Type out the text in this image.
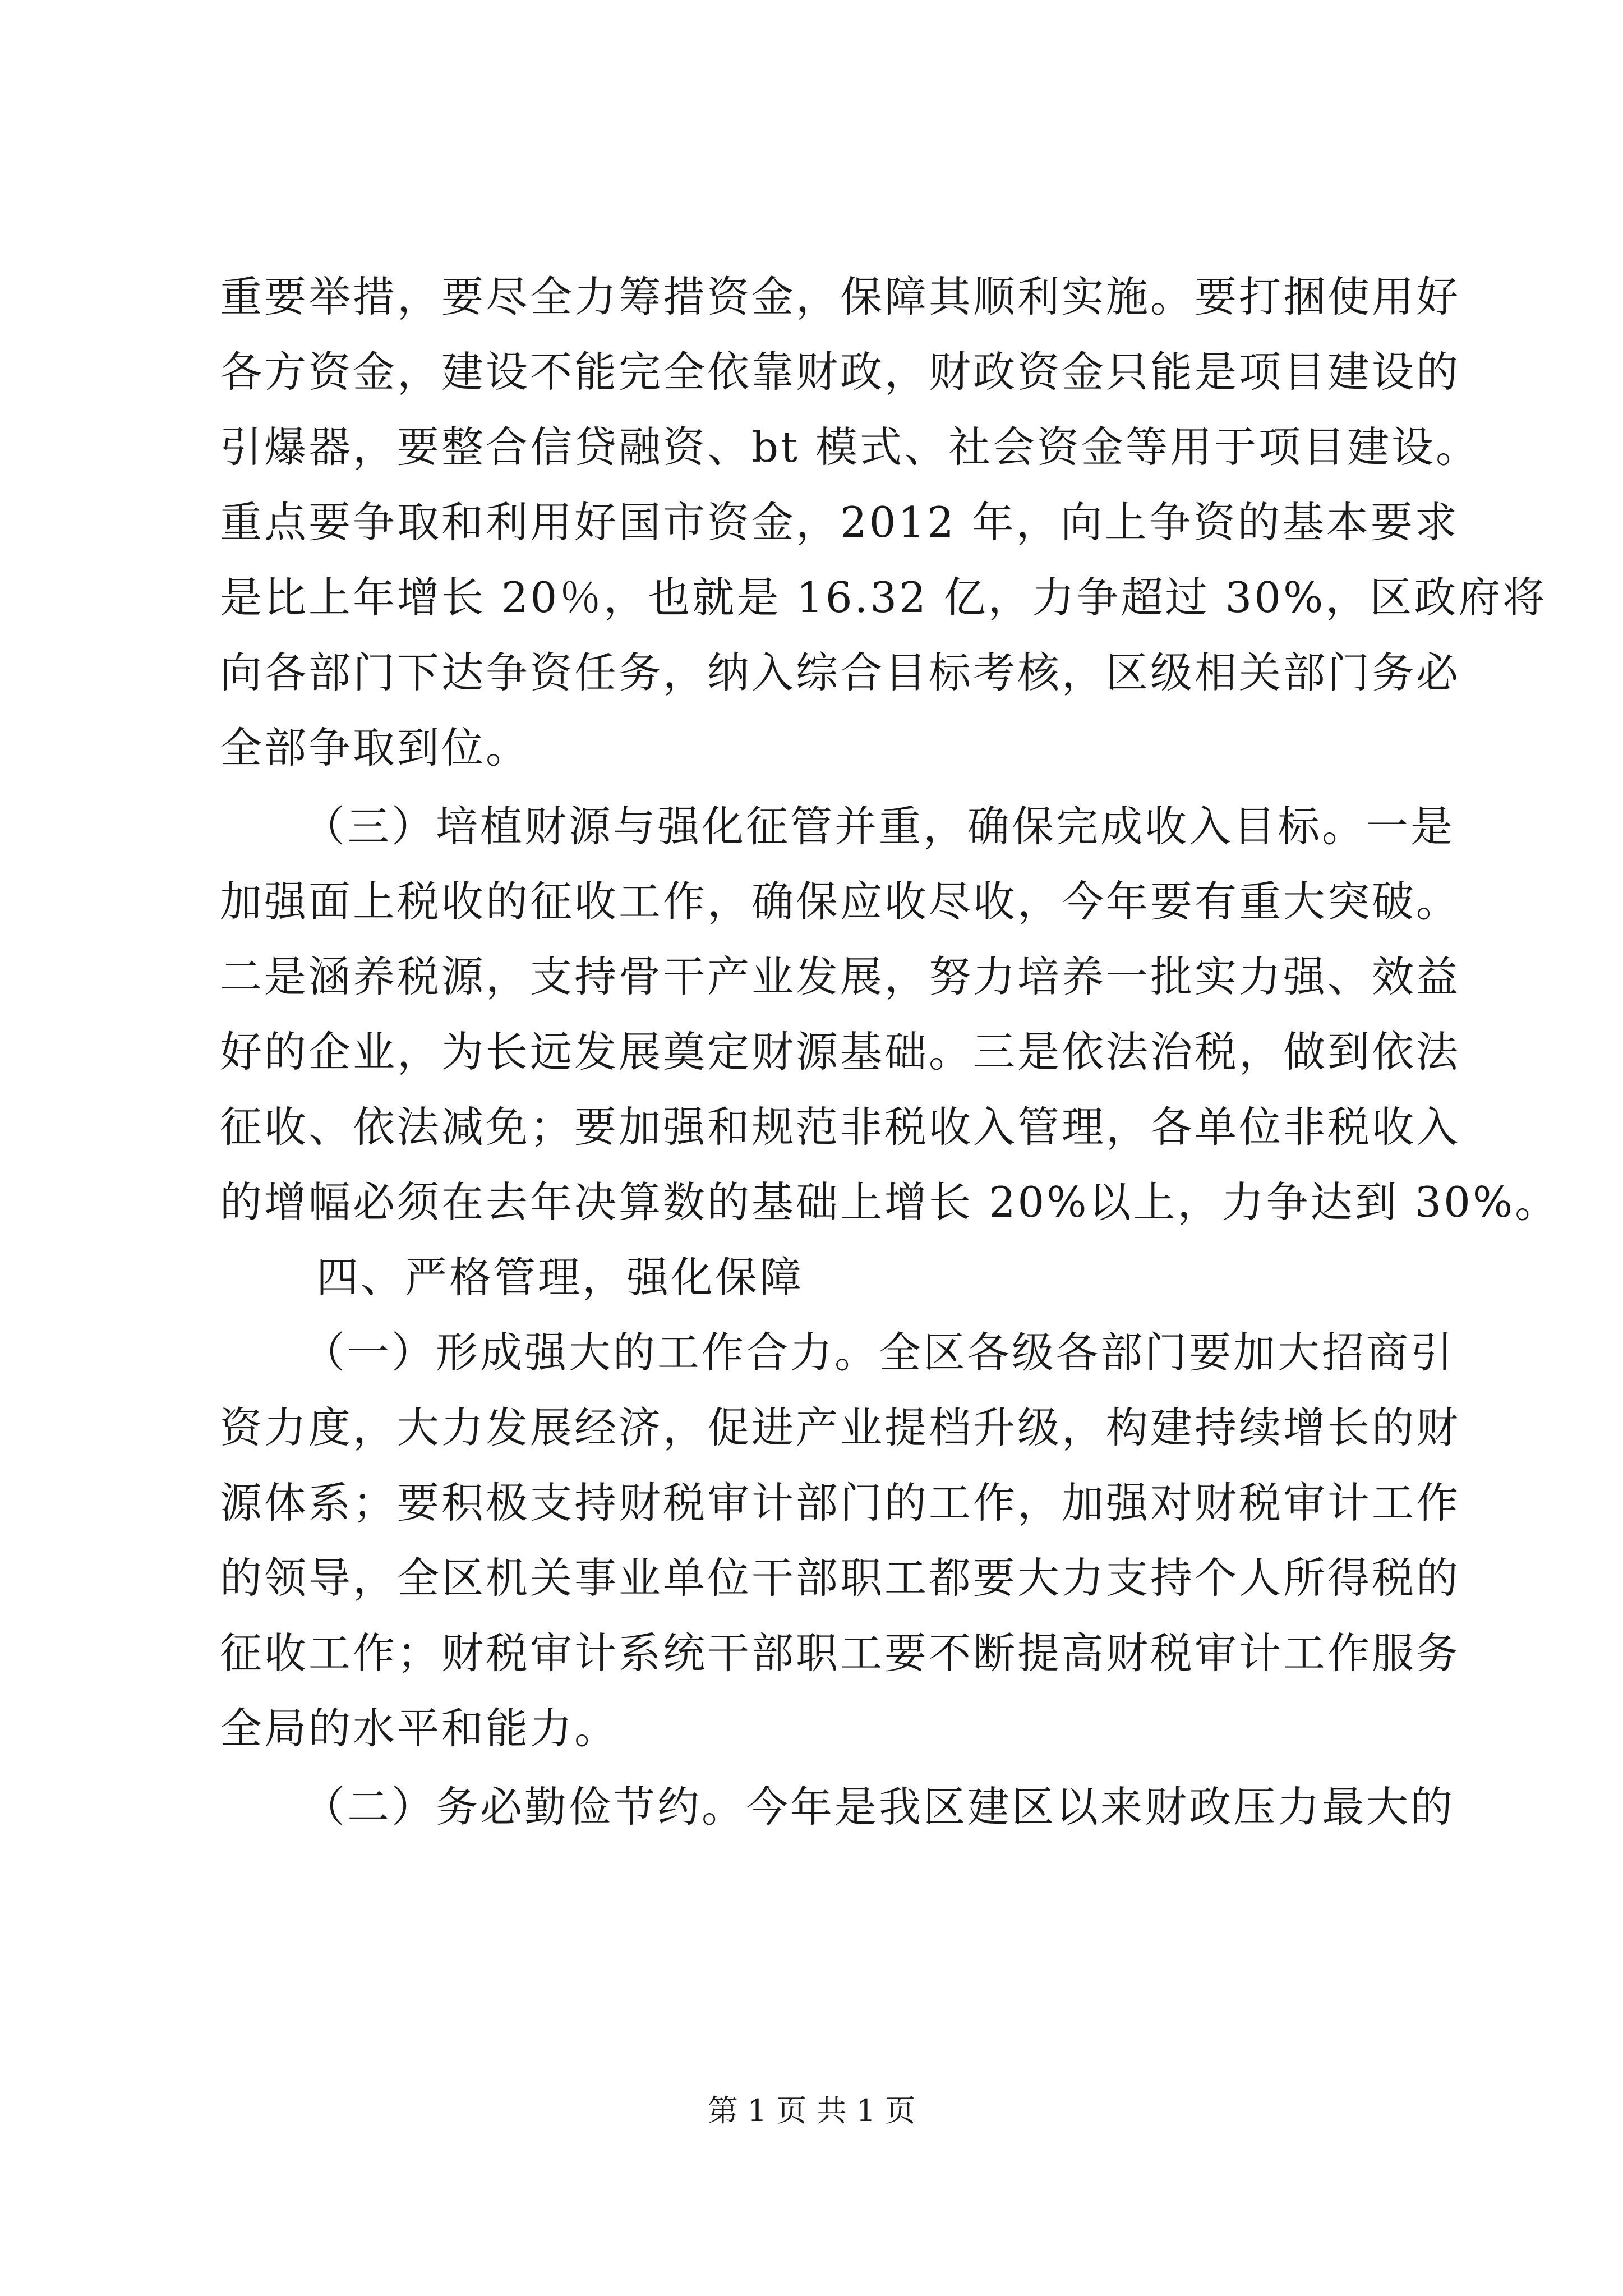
重要举措，要尽全力筹措资金，保障其顺利实施。要打捆使用好
各方资金，建设不能完全依靠财政，财政资金只能是项目建设的
引爆器，要整合信贷融资、bt 模式、社会资金等用于项目建设。
重点要争取和利用好国市资金，2012 年，向上争资的基本要求
是比上年增长 20％，也就是 16.32 亿，力争超过 30%，区政府将
向各部门下达争资任务，纳入综合目标考核，区级相关部门务必
全部争取到位。
（三）培植财源与强化征管并重，确保完成收入目标。一是
加强面上税收的征收工作，确保应收尽收，今年要有重大突破。
二是涵养税源，支持骨干产业发展，努力培养一批实力强、效益
好的企业，为长远发展奠定财源基础。三是依法治税，做到依法
征收、依法减免；要加强和规范非税收入管理，各单位非税收入
的增幅必须在去年决算数的基础上增长 20%以上，力争达到 30%。
四、严格管理，强化保障
（一）形成强大的工作合力。全区各级各部门要加大招商引
资力度，大力发展经济，促进产业提档升级，构建持续增长的财
源体系；要积极支持财税审计部门的工作，加强对财税审计工作
的领导，全区机关事业单位干部职工都要大力支持个人所得税的
征收工作；财税审计系统干部职工要不断提高财税审计工作服务
全局的水平和能力。
（二）务必勤俭节约。今年是我区建区以来财政压力最大的
第 1 页 共 1 页
